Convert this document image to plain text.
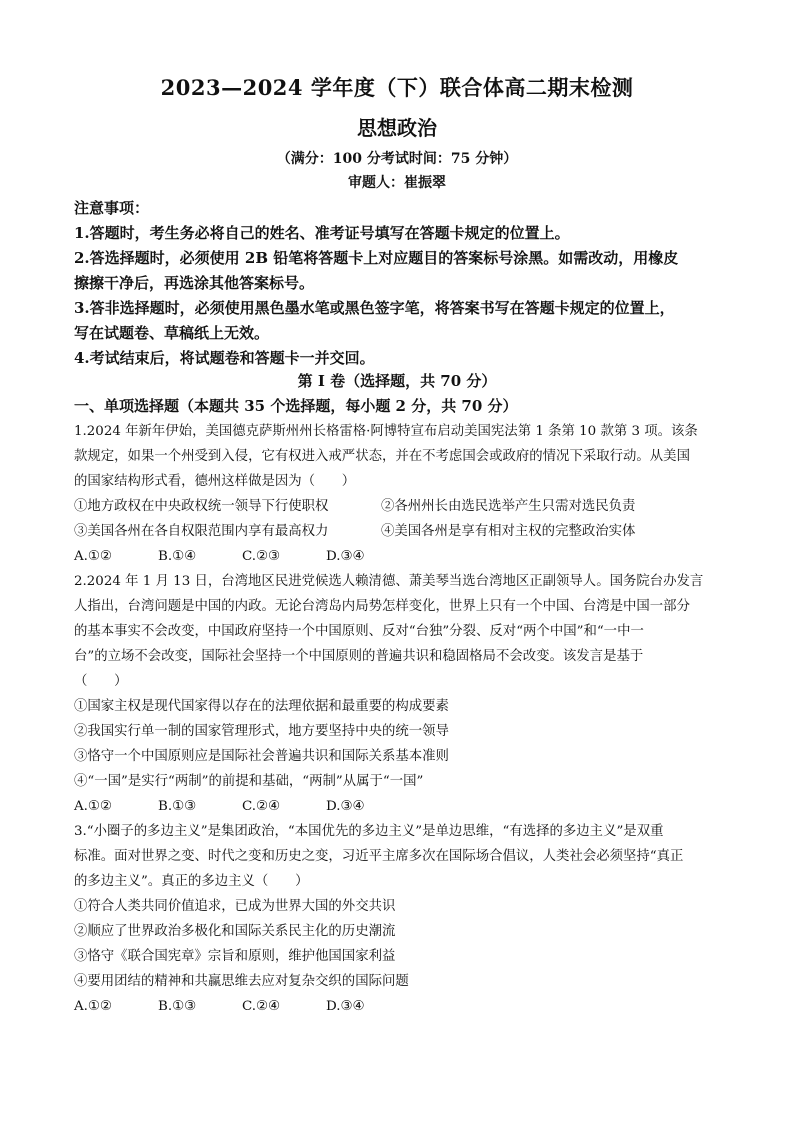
2023—2024 学年度（下）联合体高二期末检测
思想政治
（满分：100 分考试时间：75 分钟）
审题人：崔振翠
注意事项：
1.答题时，考生务必将自己的姓名、准考证号填写在答题卡规定的位置上。
2.答选择题时，必须使用 2B 铅笔将答题卡上对应题目的答案标号涂黑。如需改动，用橡皮
擦擦干净后，再选涂其他答案标号。
3.答非选择题时，必须使用黑色墨水笔或黑色签字笔，将答案书写在答题卡规定的位置上，
写在试题卷、草稿纸上无效。
4.考试结束后，将试题卷和答题卡一并交回。
第 I 卷（选择题，共 70 分）
一、单项选择题（本题共 35 个选择题，每小题 2 分，共 70 分）
1.2024 年新年伊始，美国德克萨斯州州长格雷格·阿博特宣布启动美国宪法第 1 条第 10 款第 3 项。该条
款规定，如果一个州受到入侵，它有权进入戒严状态，并在不考虑国会或政府的情况下采取行动。从美国
的国家结构形式看，德州这样做是因为（　　）
①地方政权在中央政权统一领导下行使职权	②各州州长由选民选举产生只需对选民负责
③美国各州在各自权限范围内享有最高权力	④美国各州是享有相对主权的完整政治实体
A.①②	B.①④	C.②③	D.③④
2.2024 年 1 月 13 日，台湾地区民进党候选人赖清德、萧美琴当选台湾地区正副领导人。国务院台办发言
人指出，台湾问题是中国的内政。无论台湾岛内局势怎样变化，世界上只有一个中国、台湾是中国一部分
的基本事实不会改变，中国政府坚持一个中国原则、反对“台独”分裂、反对“两个中国”和“一中一
台”的立场不会改变，国际社会坚持一个中国原则的普遍共识和稳固格局不会改变。该发言是基于
（　　）
①国家主权是现代国家得以存在的法理依据和最重要的构成要素
②我国实行单一制的国家管理形式，地方要坚持中央的统一领导
③恪守一个中国原则应是国际社会普遍共识和国际关系基本准则
④“一国”是实行“两制”的前提和基础，“两制”从属于“一国”
A.①②	B.①③	C.②④	D.③④
3.“小圈子的多边主义”是集团政治，“本国优先的多边主义”是单边思维，“有选择的多边主义”是双重
标准。面对世界之变、时代之变和历史之变，习近平主席多次在国际场合倡议，人类社会必须坚持“真正
的多边主义”。真正的多边主义（　　）
①符合人类共同价值追求，已成为世界大国的外交共识
②顺应了世界政治多极化和国际关系民主化的历史潮流
③恪守《联合国宪章》宗旨和原则，维护他国国家利益
④要用团结的精神和共赢思维去应对复杂交织的国际问题
A.①②	B.①③	C.②④	D.③④
